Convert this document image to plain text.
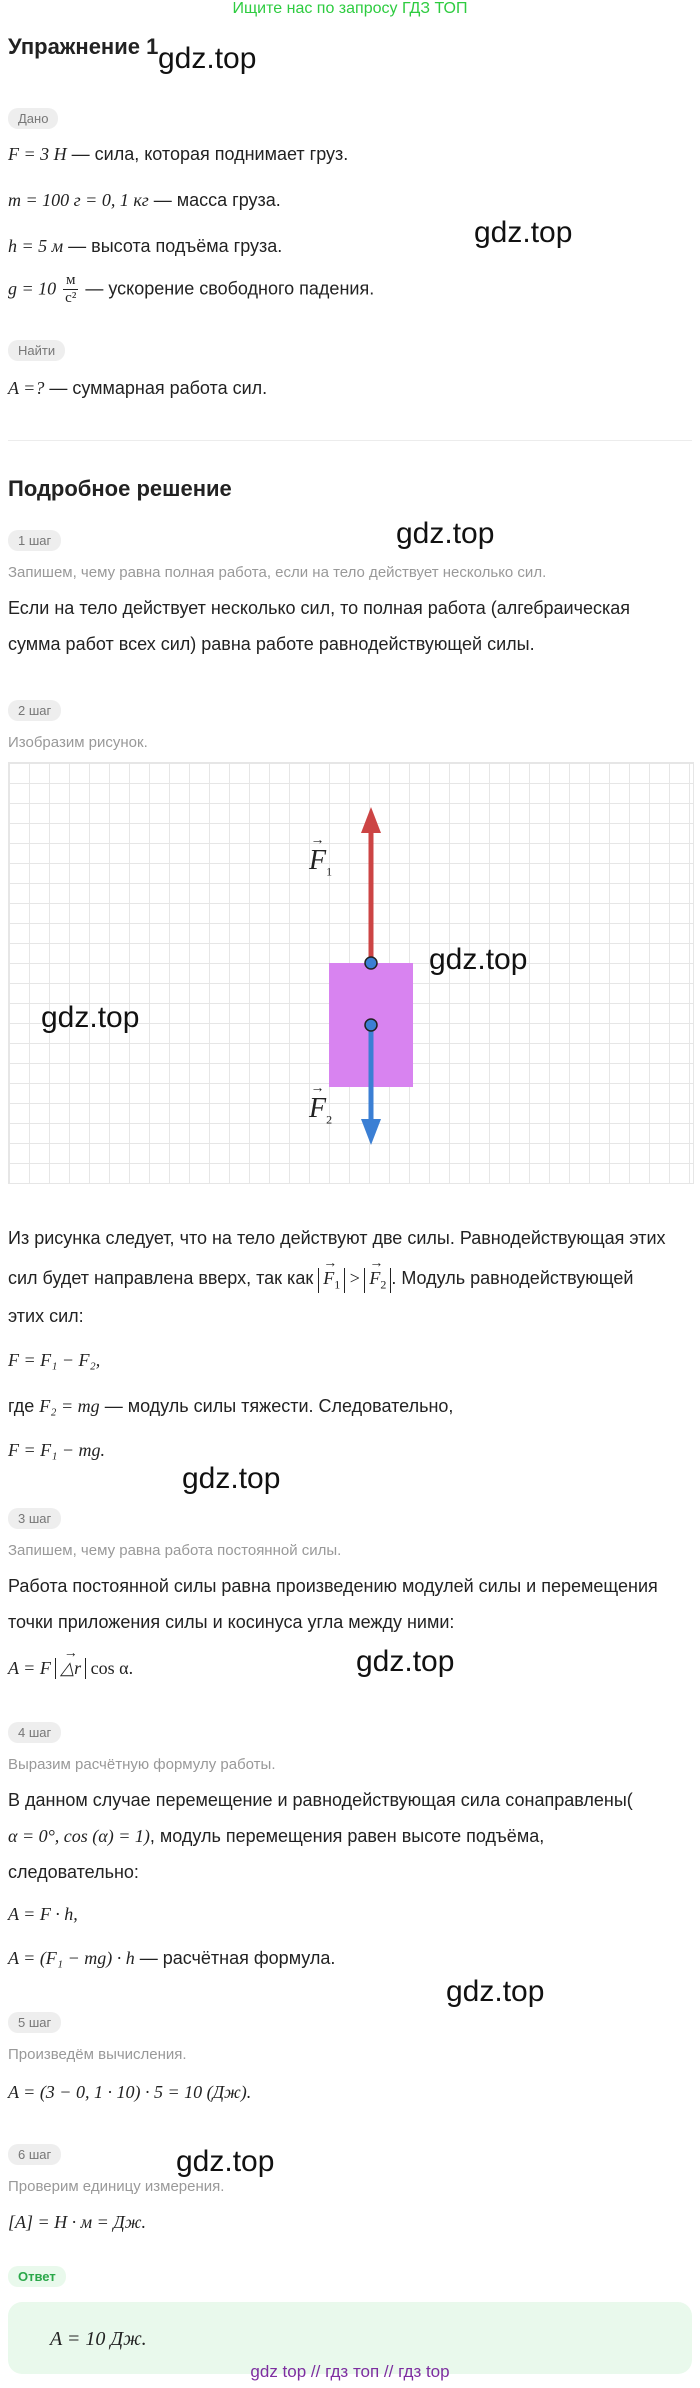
Ищите нас по запросу ГДЗ ТОП
Упражнение 1 gdz.top
gdz.top
gdz.top
gdz.top
gdz.top
gdz.top
gdz.top
Дано
F = 3 Н — сила, которая поднимает груз.
m = 100 г = 0, 1 кг — масса груза.
h = 5 м — высота подъёма груза.
$g = 10 \frac{м}{\text{с²}}$ — ускорение свободного падения.
Найти
A =? — суммарная работа сил.
Подробное решение
1 шаг
Запишем, чему равна полная работа, если на тело действует несколько сил.
Если на тело действует несколько сил, то полная работа (алгебраическая
сумма работ всех сил) равна работе равнодействующей силы.
2 шаг
Изобразим рисунок.
→ $F_1$
→ $F_2$
gdz.top
gdz.top
Из рисунка следует, что на тело действуют две силы. Равнодействующая этих
сил будет направлена вверх, так как → $F_1$ > → $F_2$ . Модуль равнодействующей
этих сил:
F = F₁ − F₂,
где F₂ = mg — модуль силы тяжести. Следовательно,
F = F₁ − mg.
3 шаг
Запишем, чему равна работа постоянной силы.
Работа постоянной силы равна произведению модулей силы и перемещения
точки приложения силы и косинуса угла между ними:
A = F → △r cos α.
4 шаг
Выразим расчётную формулу работы.
В данном случае перемещение и равнодействующая сила сонаправлены(
α = 0°, cos (α) = 1), модуль перемещения равен высоте подъёма,
следовательно:
A = F · h,
A = (F₁ − mg) · h — расчётная формула.
5 шаг
Произведём вычисления.
A = (3 − 0, 1 · 10) · 5 = 10 (Дж).
6 шаг
Проверим единицу измерения.
[A] = Н · м = Дж.
Ответ
A = 10 Дж.
gdz top // гдз топ // гдз top
